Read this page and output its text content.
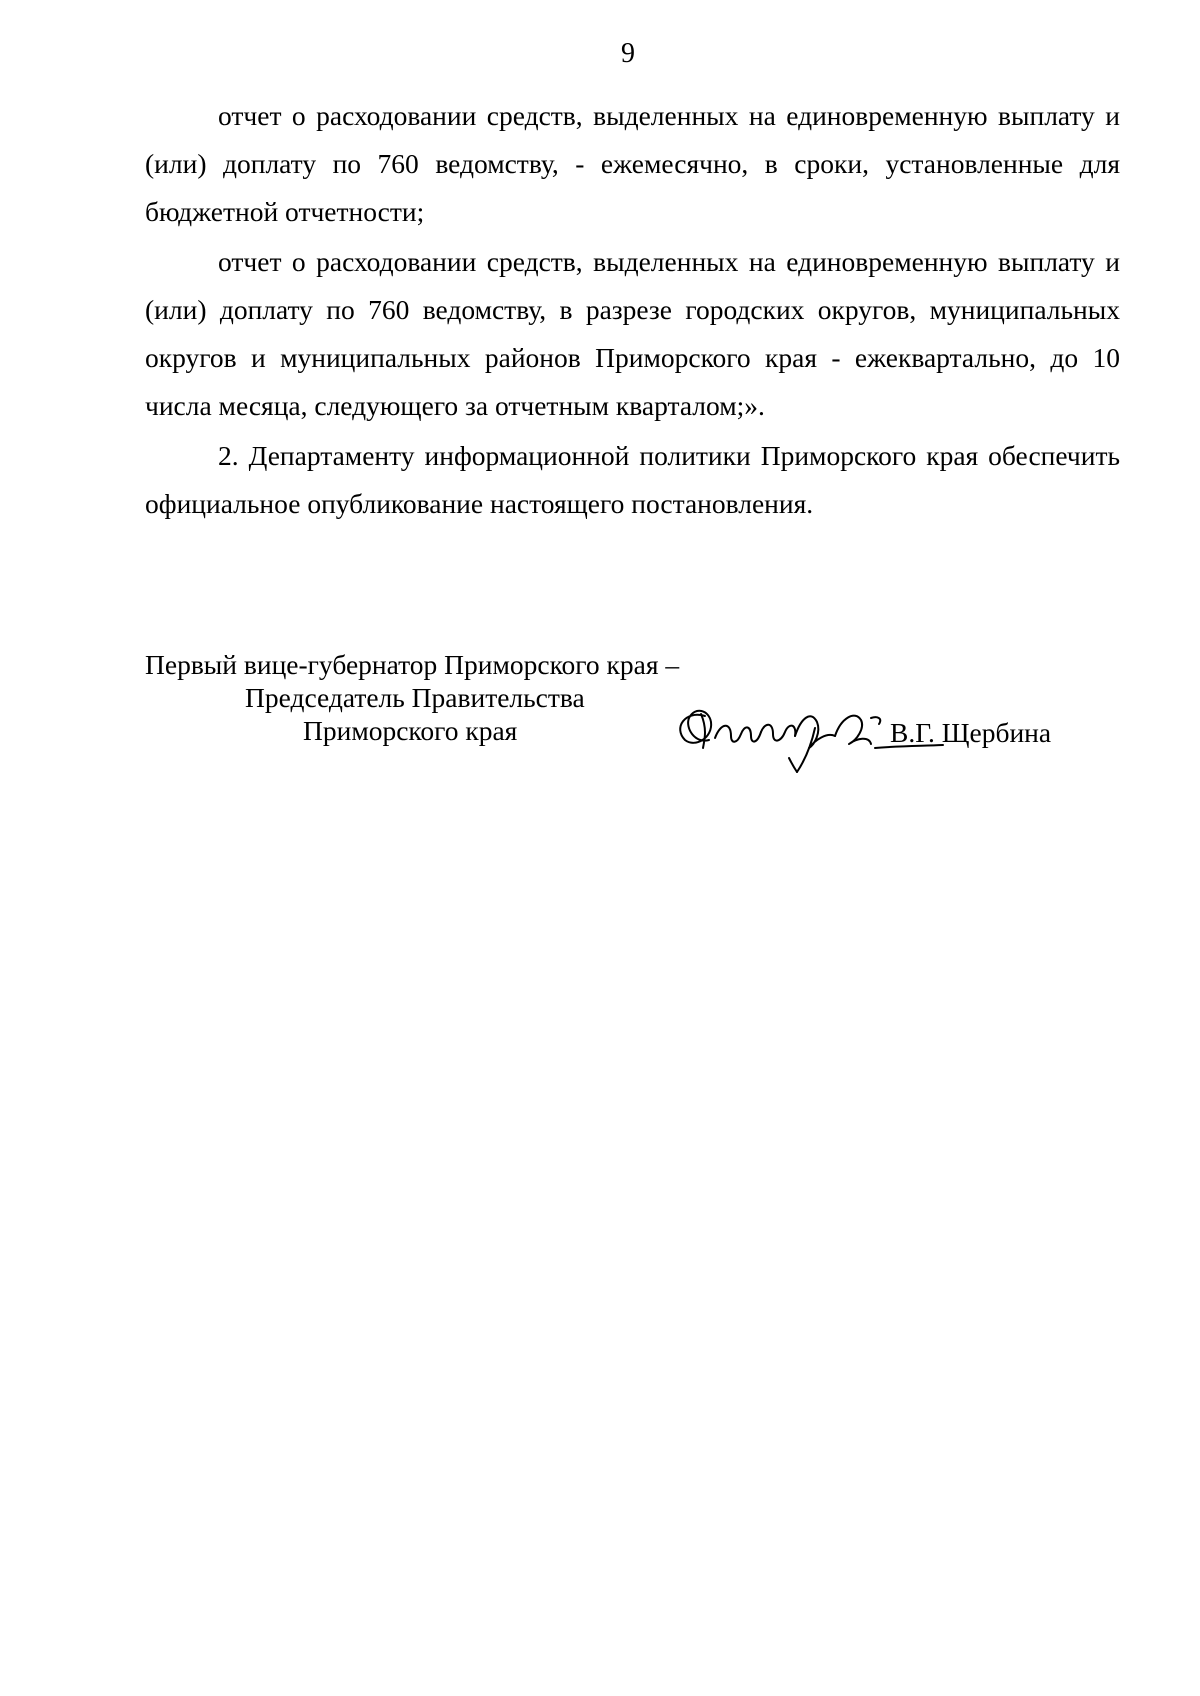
9

отчет о расходовании средств, выделенных на единовременную выплату и (или) доплату по 760 ведомству, - ежемесячно, в сроки, установленные для бюджетной отчетности;

отчет о расходовании средств, выделенных на единовременную выплату и (или) доплату по 760 ведомству, в разрезе городских округов, муниципальных округов и муниципальных районов Приморского края - ежеквартально, до 10 числа месяца, следующего за отчетным кварталом;».

2. Департаменту информационной политики Приморского края обеспечить официальное опубликование настоящего постановления.

Первый вице-губернатор Приморского края –
Председатель Правительства
Приморского края	В.Г. Щербина
